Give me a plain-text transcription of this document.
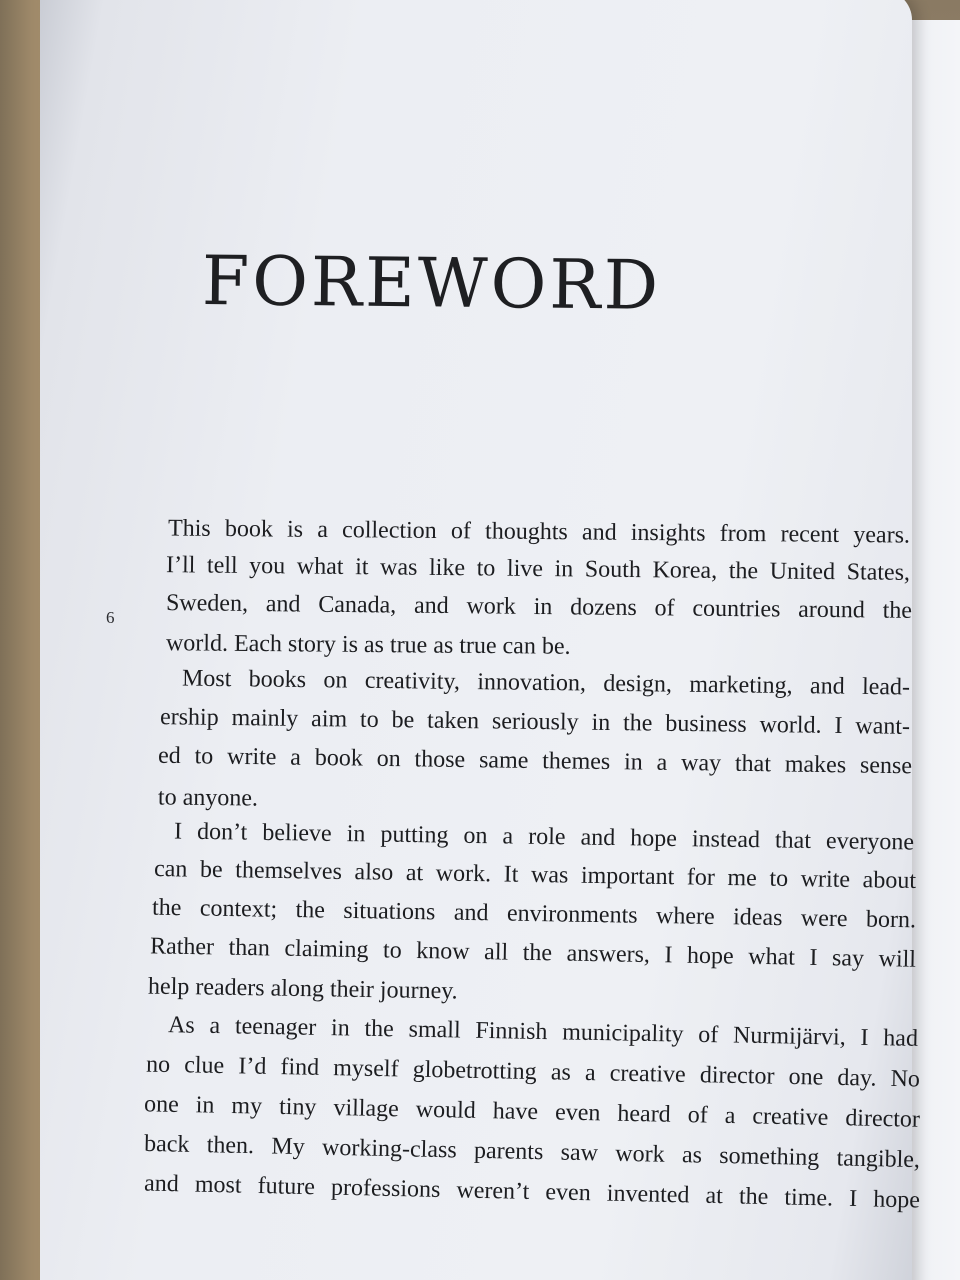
FOREWORD
6
This book is a collection of thoughts and insights from recent years.
I’ll tell you what it was like to live in South Korea, the United States,
Sweden, and Canada, and work in dozens of countries around the
world. Each story is as true as true can be.
Most books on creativity, innovation, design, marketing, and lead-
ership mainly aim to be taken seriously in the business world. I want-
ed to write a book on those same themes in a way that makes sense
to anyone.
I don’t believe in putting on a role and hope instead that everyone
can be themselves also at work. It was important for me to write about
the context; the situations and environments where ideas were born.
Rather than claiming to know all the answers, I hope what I say will
help readers along their journey.
As a teenager in the small Finnish municipality of Nurmijärvi, I had
no clue I’d find myself globetrotting as a creative director one day. No
one in my tiny village would have even heard of a creative director
back then. My working-class parents saw work as something tangible,
and most future professions weren’t even invented at the time. I hope
